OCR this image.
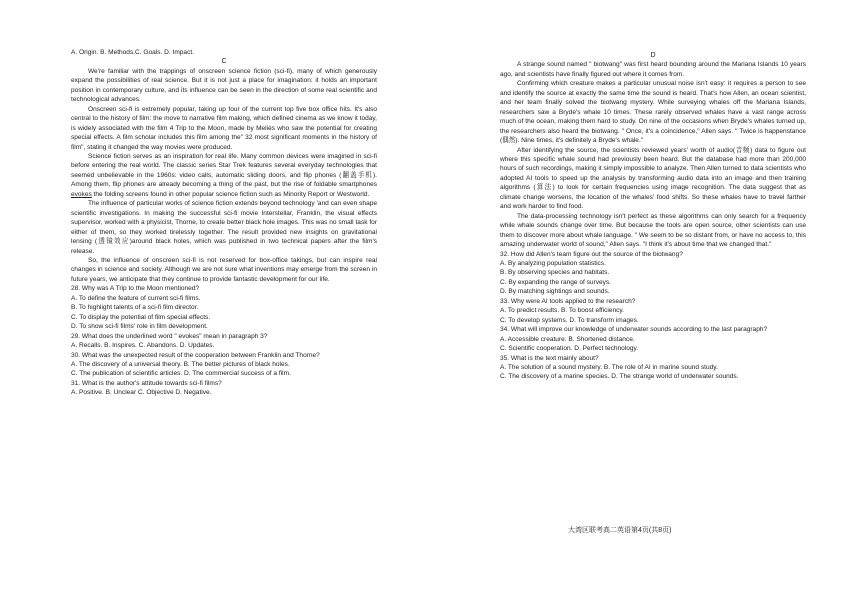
A. Origin. B. Methods.C. Goals. D. Impact.
C

We're familiar with the trappings of onscreen science fiction (sci-fi), many of which generously expand the possibilities of real science. But it is not just a place for imagination: it holds an important position in contemporary culture, and its influence can be seen in the direction of some real scientific and technological advances.

Onscreen sci-fi is extremely popular, taking up four of the current top five box office hits. It's also central to the history of film: the move to narrative film making, which defined cinema as we know it today, is widely associated with the film 4 Trip to the Moon, made by Meliès who saw the potential for creating special effects. A film scholar includes this film among the" 32 most significant moments in the history of film", stating it changed the way movies were produced.

Science fiction serves as an inspiration for real life. Many common devices were imagined in sci-fi before entering the real world. The classic series Star Trek features several everyday technologies that seemed unbelievable in the 1960s: video calls, automatic sliding doors, and flip phones (翻盖手机). Among them, flip phones are already becoming a thing of the past, but the rise of foldable smartphones evokes the folding screens found in other popular science fiction such as Minority Report or Westworld.

The influence of particular works of science fiction extends beyond technology 'and can even shape scientific investigations. In making the successful sci-fi movie Interstellar, Franklin, the visual effects supervisor, worked with a physicist, Thorne, to create better black hole images. This was no small task for either of them, so they worked tirelessly together. The result provided new insights on gravitational lensing (透镜效应)around black holes, which was published in two technical papers after the film's release.

So, the influence of onscreen sci-fi is not reserved for box-office takings, but can inspire real changes in science and society. Although we are not sure what inventions may emerge from the screen in future years, we anticipate that they continue to provide fantastic development for our life.

28. Why was A Trip to the Moon mentioned?
A. To define the feature of current sci-fi films.
B. To highlight talents of a sci-fi film director.
C. To display the potential of film special effects.
D. To show sci-fi films' role in film development.
29. What does the underlined word " evokes" mean in paragraph 3?
A. Recalls. B. Inspires. C. Abandons. D. Updates.
30. What was the unexpected result of the cooperation between Franklin and Thorne?
A. The discovery of a universal theory. B. The better pictures of black holes.
C. The publication of scientific articles. D. The commercial success of a film.
31. What is the author's attitude towards sci-fi films?
A. Positive. B. Unclear C. Objective D. Negative.
D

A strange sound named " biotwang" was first heard bounding around the Mariana Islands 10 years ago, and scientists have finally figured out where it comes from.

Confirming which creature makes a particular unusual noise isn't easy: it requires a person to see and identify the source at exactly the same time the sound is heard. That's how Allen, an ocean scientist, and her team finally solved the biotwang mystery. While surveying whales off the Mariana Islands, researchers saw a Bryde's whale 10 times. These rarely observed whales have a vast range across much of the ocean, making them hard to study. On nine of the occasions when Bryde's whales turned up, the researchers also heard the biotwang. " Once, it's a coincidence," Allen says. " Twice is happenstance (偶然). Nine times, it's definitely a Bryde's whale."

After identifying the source, the scientists reviewed years' worth of audio(音频) data to figure out where this specific whale sound had previously been heard. But the database had more than 200,000 hours of such recordings, making it simply impossible to analyze. Then Allen turned to data scientists who adopted AI tools to speed up the analysis by transforming audio data into an image and then training algorithms (算法) to look for certain frequencies using image recognition. The data suggest that as climate change worsens, the location of the whales' food shifts. So these whales have to travel farther and work harder to find food.

The data-processing technology isn't perfect as these algorithms can only search for a frequency while whale sounds change over time. But because the tools are open source, other scientists can use them to discover more about whale language. " We seem to be so distant from, or have no access to, this amazing underwater world of sound," Allen says. "I think it's about time that we changed that."

32. How did Allen's team figure out the source of the biotwang?
A. By analyzing population statistics.
B. By observing species and habitats.
C. By expanding the range of surveys.
D. By matching sightings and sounds.
33. Why were AI tools applied to the research?
A. To predict results. B. To boost efficiency.
C. To develop systems. D. To transform images.
34. What will improve our knowledge of underwater sounds according to the last paragraph?
A. Accessible creature. B. Shortened distance.
C. Scientific cooperation. D. Perfect technology.
35. What is the text mainly about?
A. The solution of a sound mystery. B. The role of AI in marine sound study.
C. The discovery of a marine species. D. The strange world of underwater sounds.
大湾区联考高二英语第4页(共8页)
